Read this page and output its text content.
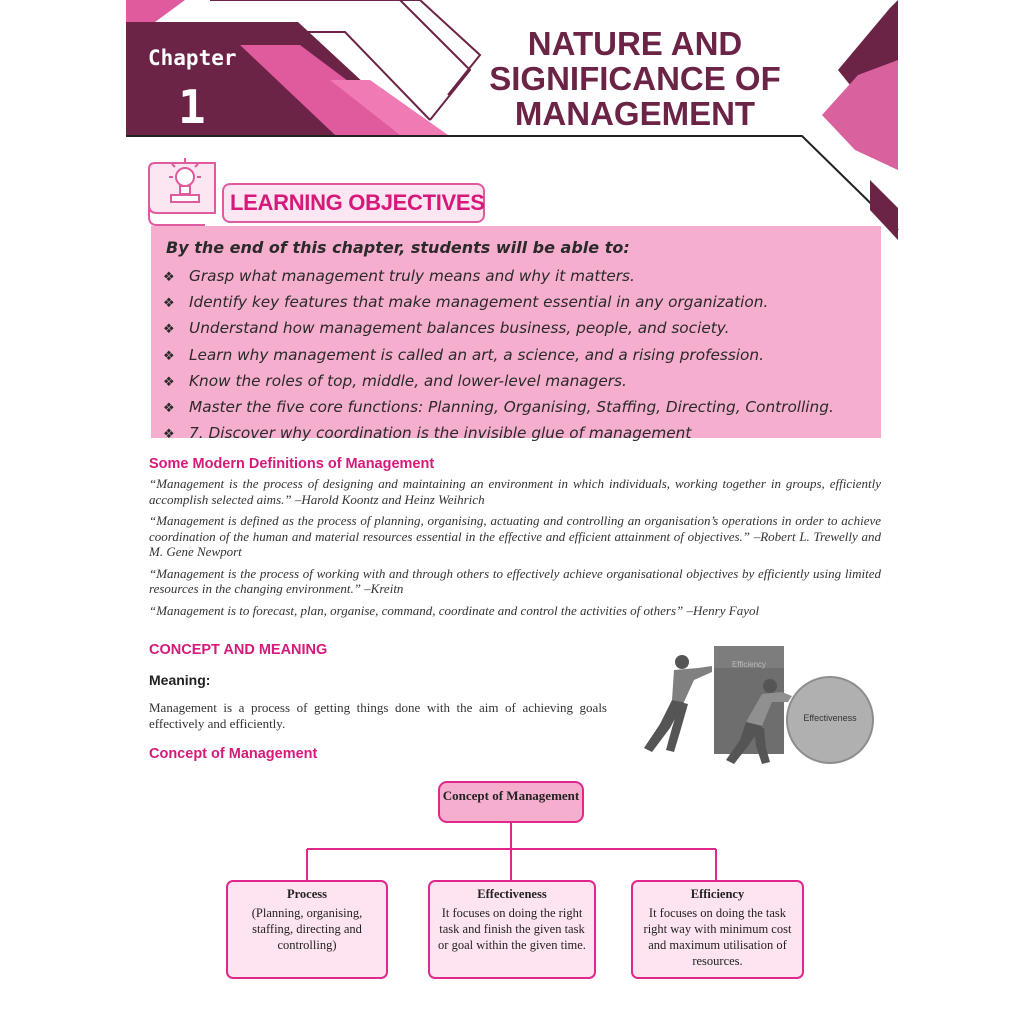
Chapter
1
NATURE AND
SIGNIFICANCE OF
MANAGEMENT
LEARNING OBJECTIVES
By the end of this chapter, students will be able to:
❖ Grasp what management truly means and why it matters.
❖ Identify key features that make management essential in any organization.
❖ Understand how management balances business, people, and society.
❖ Learn why management is called an art, a science, and a rising profession.
❖ Know the roles of top, middle, and lower-level managers.
❖ Master the five core functions: Planning, Organising, Staffing, Directing, Controlling.
❖ 7. Discover why coordination is the invisible glue of management
Some Modern Definitions of Management

“Management is the process of designing and maintaining an environment in which individuals, working together in groups, efficiently accomplish selected aims.” –Harold Koontz and Heinz Weihrich

“Management is defined as the process of planning, organising, actuating and controlling an organisation’s operations in order to achieve coordination of the human and material resources essential in the effective and efficient attainment of objectives.” –Robert L. Trewelly and M. Gene Newport

“Management is the process of working with and through others to effectively achieve organisational objectives by efficiently using limited resources in the changing environment.” –Kreitn

“Management is to forecast, plan, organise, command, coordinate and control the activities of others” –Henry Fayol

CONCEPT AND MEANING
Meaning:

Management is a process of getting things done with the aim of achieving goals effectively and efficiently.

Concept of Management
Efficiency
Effectiveness
Concept of Management
Process
(Planning, organising, staffing, directing and controlling)
Effectiveness
It focuses on doing the right task and finish the given task or goal within the given time.
Efficiency
It focuses on doing the task right way with minimum cost and maximum utilisation of resources.
